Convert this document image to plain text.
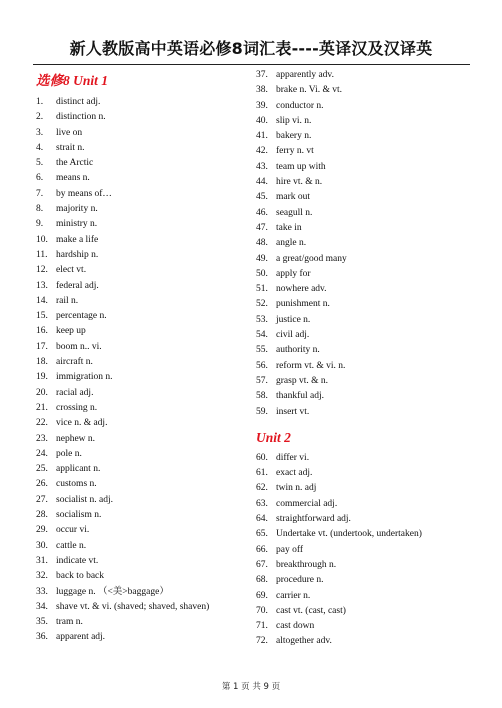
新人教版高中英语必修8词汇表----英译汉及汉译英
选修8 Unit 1
1.	distinct adj.
2.	distinction n.
3.	live on
4.	strait n.
5.	the Arctic
6.	means n.
7.	by means of…
8.	majority n.
9.	ministry n.
10. make a life
11. hardship n.
12. elect vt.
13. federal adj.
14. rail n.
15. percentage n.
16. keep up
17. boom n.. vi.
18. aircraft n.
19. immigration n.
20. racial adj.
21. crossing n.
22. vice n. & adj.
23. nephew n.
24. pole n.
25. applicant n.
26. customs n.
27. socialist n. adj.
28. socialism n.
29. occur vi.
30. cattle n.
31. indicate vt.
32. back to back
33. luggage n. （<美>baggage）
34. shave vt. & vi. (shaved; shaved, shaven)
35. tram n.
36. apparent adj.
37. apparently adv.
38. brake n. Vi. & vt.
39. conductor n.
40. slip vi. n.
41. bakery n.
42. ferry n. vt
43. team up with
44. hire vt. & n.
45. mark out
46. seagull n.
47. take in
48. angle n.
49. a great/good many
50. apply for
51. nowhere adv.
52. punishment n.
53. justice n.
54. civil adj.
55. authority n.
56. reform vt. & vi. n.
57. grasp vt. & n.
58. thankful adj.
59. insert vt.
Unit 2
60. differ vi.
61. exact adj.
62. twin n. adj
63. commercial adj.
64. straightforward adj.
65. Undertake vt. (undertook, undertaken)
66. pay off
67. breakthrough n.
68. procedure n.
69. carrier n.
70. cast vt. (cast, cast)
71. cast down
72. altogether adv.
第 1 页 共 9 页
